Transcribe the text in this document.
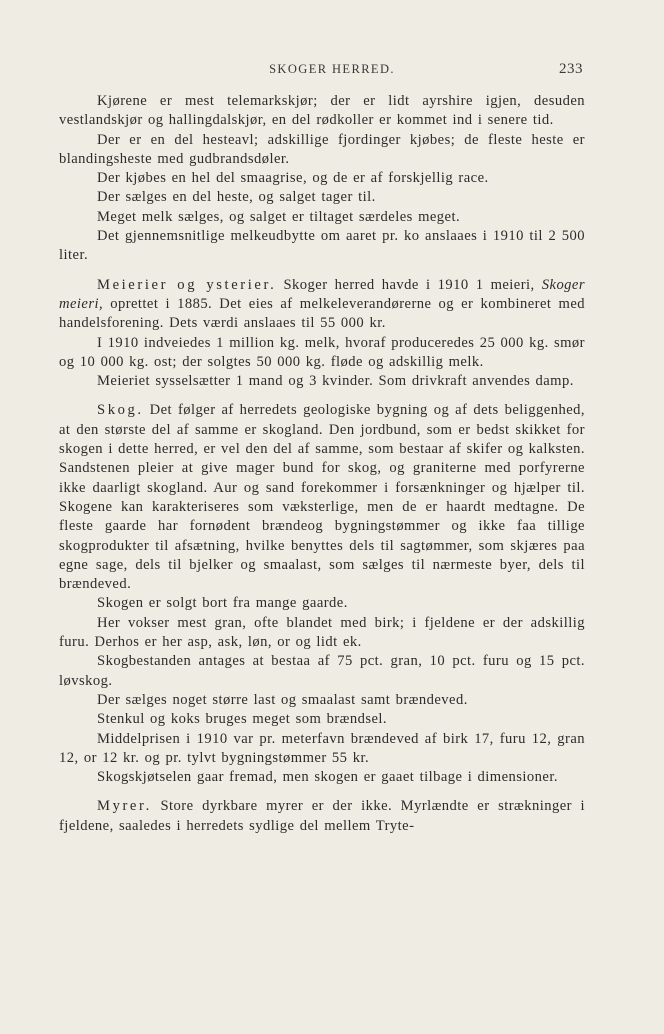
SKOGER HERRED.	233

Kjørene er mest telemarkskjør; der er lidt ayrshire igjen, desuden vestlandskjør og hallingdalskjør, en del rødkoller er kommet ind i senere tid.

Der er en del hesteavl; adskillige fjordinger kjøbes; de fleste heste er blandingsheste med gudbrandsdøler.

Der kjøbes en hel del smaagrise, og de er af forskjellig race.

Der sælges en del heste, og salget tager til.

Meget melk sælges, og salget er tiltaget særdeles meget.

Det gjennemsnitlige melkeudbytte om aaret pr. ko anslaaes i 1910 til 2 500 liter.

Meierier og ysterier. Skoger herred havde i 1910 1 meieri, Skoger meieri, oprettet i 1885. Det eies af melkeleverandørerne og er kombineret med handelsforening. Dets værdi anslaaes til 55 000 kr.

I 1910 indveiedes 1 million kg. melk, hvoraf produceredes 25 000 kg. smør og 10 000 kg. ost; der solgtes 50 000 kg. fløde og adskillig melk.

Meieriet sysselsætter 1 mand og 3 kvinder. Som drivkraft anvendes damp.

Skog. Det følger af herredets geologiske bygning og af dets beliggenhed, at den største del af samme er skogland. Den jordbund, som er bedst skikket for skogen i dette herred, er vel den del af samme, som bestaar af skifer og kalksten. Sandstenen pleier at give mager bund for skog, og graniterne med porfyrerne ikke daarligt skogland. Aur og sand forekommer i forsænkninger og hjælper til. Skogene kan karakteriseres som væksterlige, men de er haardt medtagne. De fleste gaarde har fornødent brændeog bygningstømmer og ikke faa tillige skogprodukter til afsætning, hvilke benyttes dels til sagtømmer, som skjæres paa egne sage, dels til bjelker og smaalast, som sælges til nærmeste byer, dels til brændeved.

Skogen er solgt bort fra mange gaarde.

Her vokser mest gran, ofte blandet med birk; i fjeldene er der adskillig furu. Derhos er her asp, ask, løn, or og lidt ek.

Skogbestanden antages at bestaa af 75 pct. gran, 10 pct. furu og 15 pct. løvskog.

Der sælges noget større last og smaalast samt brændeved.

Stenkul og koks bruges meget som brændsel.

Middelprisen i 1910 var pr. meterfavn brændeved af birk 17, furu 12, gran 12, or 12 kr. og pr. tylvt bygningstømmer 55 kr.

Skogskjøtselen gaar fremad, men skogen er gaaet tilbage i dimensioner.

Myrer. Store dyrkbare myrer er der ikke. Myrlændte er strækninger i fjeldene, saaledes i herredets sydlige del mellem Tryte-
